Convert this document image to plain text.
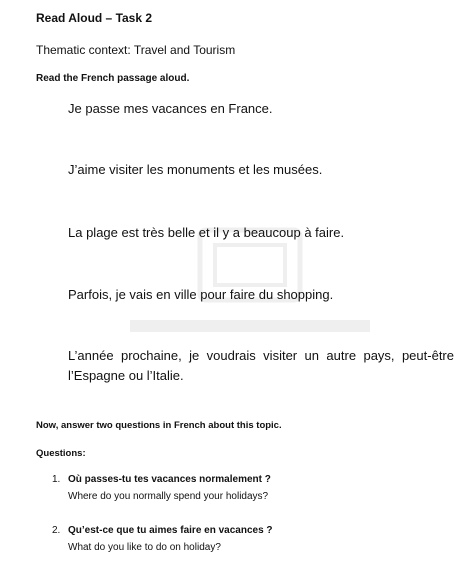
Read Aloud – Task 2
Thematic context: Travel and Tourism
Read the French passage aloud.
Je passe mes vacances en France.
J’aime visiter les monuments et les musées.
La plage est très belle et il y a beaucoup à faire.
Parfois, je vais en ville pour faire du shopping.
L’année prochaine, je voudrais visiter un autre pays, peut-être l’Espagne ou l’Italie.
Now, answer two questions in French about this topic.
Questions:
1. Où passes-tu tes vacances normalement ?
Where do you normally spend your holidays?
2. Qu’est-ce que tu aimes faire en vacances ?
What do you like to do on holiday?
